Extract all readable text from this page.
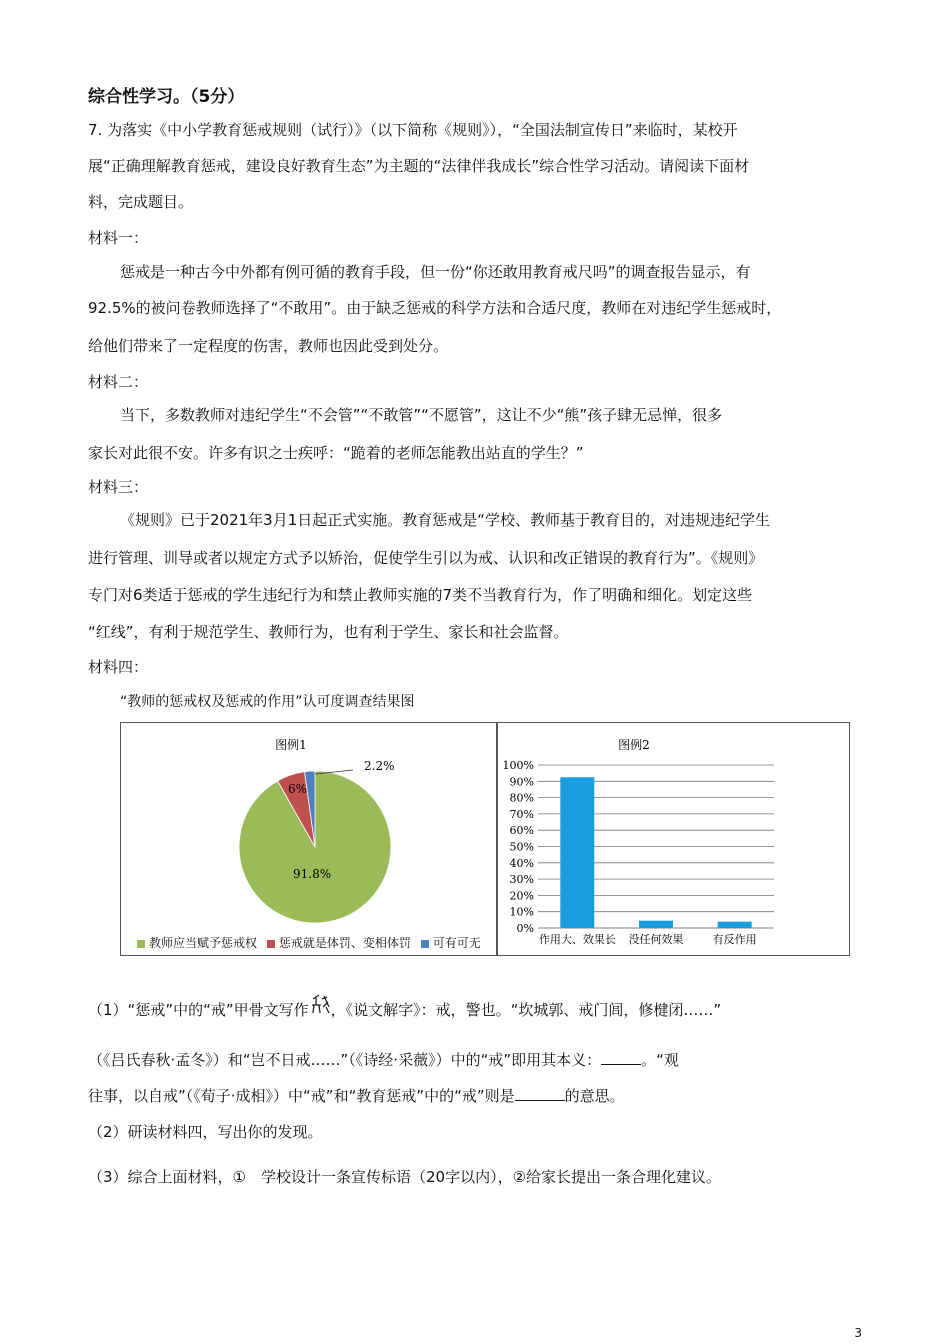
综合性学习。（5分）
7. 为落实《中小学教育惩戒规则（试行）》（以下简称《规则》），“全国法制宣传日”来临时，某校开
展“正确理解教育惩戒，建设良好教育生态”为主题的“法律伴我成长”综合性学习活动。请阅读下面材
料，完成题目。
材料一：
惩戒是一种古今中外都有例可循的教育手段，但一份“你还敢用教育戒尺吗”的调查报告显示，有
92.5%的被问卷教师选择了“不敢用”。由于缺乏惩戒的科学方法和合适尺度，教师在对违纪学生惩戒时，
给他们带来了一定程度的伤害，教师也因此受到处分。
材料二：
当下，多数教师对违纪学生“不会管”“不敢管”“不愿管”，这让不少“熊”孩子肆无忌惮，很多
家长对此很不安。许多有识之士疾呼：“跪着的老师怎能教出站直的学生？”
材料三：
《规则》已于2021年3月1日起正式实施。教育惩戒是“学校、教师基于教育目的，对违规违纪学生
进行管理、训导或者以规定方式予以矫治，促使学生引以为戒、认识和改正错误的教育行为”。《规则》
专门对6类适于惩戒的学生违纪行为和禁止教师实施的7类不当教育行为，作了明确和细化。划定这些
“红线”，有利于规范学生、教师行为，也有利于学生、家长和社会监督。
材料四：
“教师的惩戒权及惩戒的作用”认可度调查结果图
图例1
2.2%
6%
91.8%
教师应当赋予惩戒权 惩戒就是体罚、变相体罚 可有可无
图例2
0%
10%
20%
30%
40%
50%
60%
70%
80%
90%
100%
作用大、效果长 没任何效果	有反作用
（1）“惩戒”中的“戒”甲骨文写作 ，《说文解字》：戒，警也。“坎城郭、戒门闾，修楗闭……”
（《吕氏春秋·孟冬》）和“岂不日戒……”（《诗经·采薇》）中的“戒”即用其本义：	。“观
往事，以自戒”（《荀子·成相》）中“戒”和“教育惩戒”中的“戒”则是	的意思。
（2）研读材料四，写出你的发现。
（3）综合上面材料，①　学校设计一条宣传标语（20字以内），②给家长提出一条合理化建议。
3
